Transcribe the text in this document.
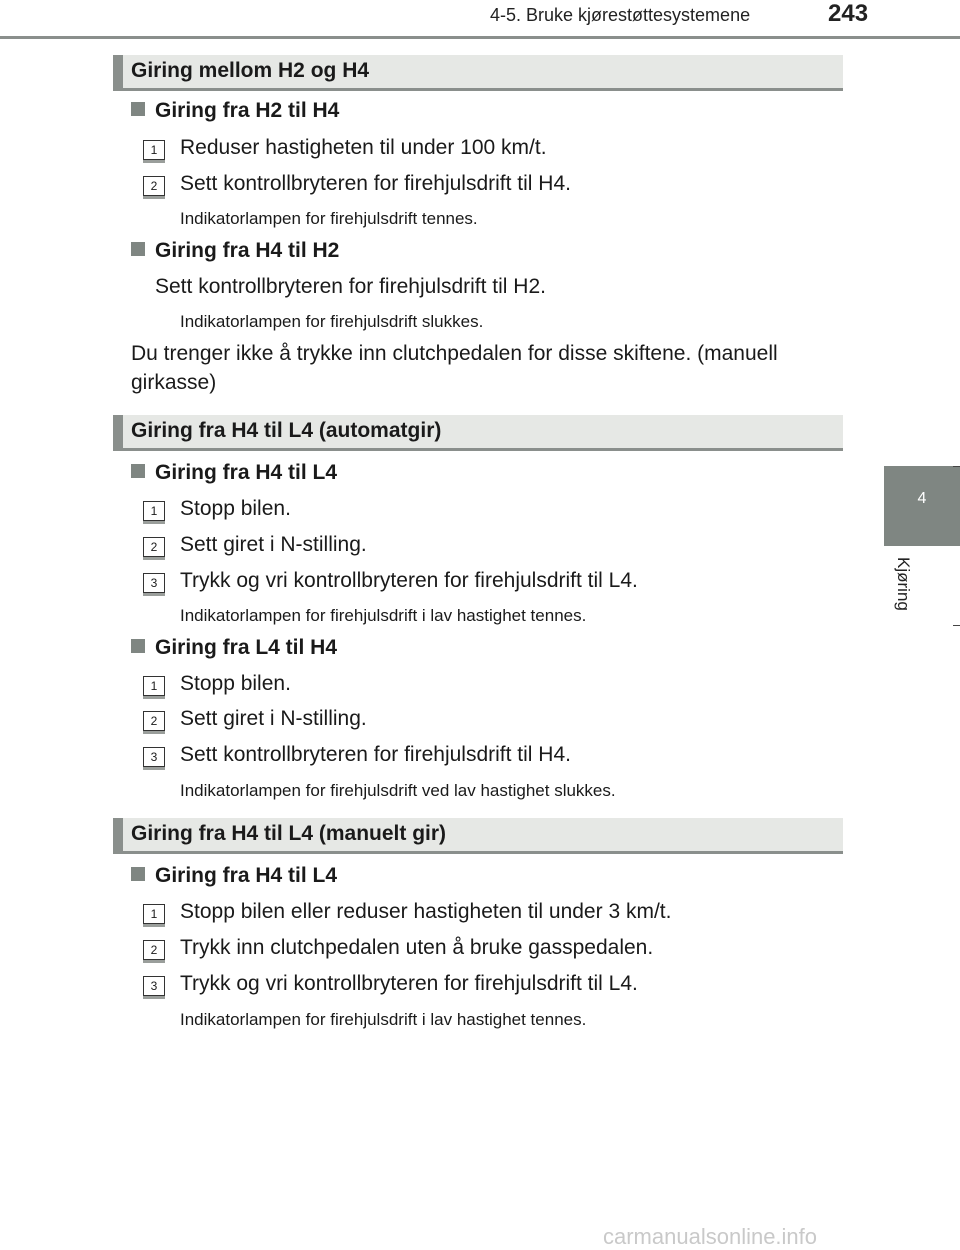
4-5. Bruke kjørestøttesystemene	243
4
Kjøring
Giring mellom H2 og H4
Giring fra H2 til H4
1	Reduser hastigheten til under 100 km/t.
2	Sett kontrollbryteren for firehjulsdrift til H4.
Indikatorlampen for firehjulsdrift tennes.
Giring fra H4 til H2
Sett kontrollbryteren for firehjulsdrift til H2.
Indikatorlampen for firehjulsdrift slukkes.
Du trenger ikke å trykke inn clutchpedalen for disse skiftene. (manuell
girkasse)
Giring fra H4 til L4 (automatgir)
Giring fra H4 til L4
1	Stopp bilen.
2	Sett giret i N-stilling.
3	Trykk og vri kontrollbryteren for firehjulsdrift til L4.
Indikatorlampen for firehjulsdrift i lav hastighet tennes.
Giring fra L4 til H4
1	Stopp bilen.
2	Sett giret i N-stilling.
3	Sett kontrollbryteren for firehjulsdrift til H4.
Indikatorlampen for firehjulsdrift ved lav hastighet slukkes.
Giring fra H4 til L4 (manuelt gir)
Giring fra H4 til L4
1	Stopp bilen eller reduser hastigheten til under 3 km/t.
2	Trykk inn clutchpedalen uten å bruke gasspedalen.
3	Trykk og vri kontrollbryteren for firehjulsdrift til L4.
Indikatorlampen for firehjulsdrift i lav hastighet tennes.
carmanualsonline.info
